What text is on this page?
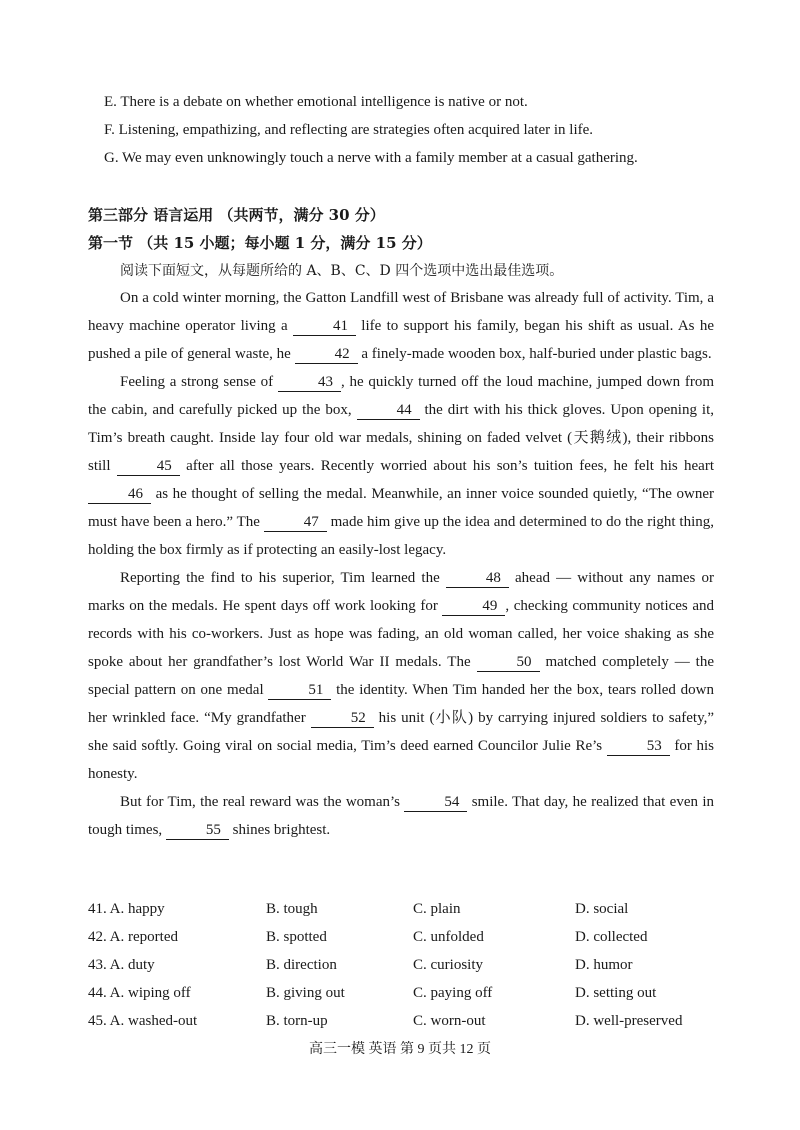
E. There is a debate on whether emotional intelligence is native or not.
F. Listening, empathizing, and reflecting are strategies often acquired later in life.
G. We may even unknowingly touch a nerve with a family member at a casual gathering.
第三部分 语言运用 （共两节，满分 30 分）
第一节 （共 15 小题；每小题 1 分，满分 15 分）
阅读下面短文，从每题所给的 A、B、C、D 四个选项中选出最佳选项。

On a cold winter morning, the Gatton Landfill west of Brisbane was already full of activity. Tim, a heavy machine operator living a	41 life to support his family, began his shift as usual. As he pushed a pile of general waste, he	42 a finely-made wooden box, half-buried under plastic bags.

Feeling a strong sense of	43 , he quickly turned off the loud machine, jumped down from the cabin, and carefully picked up the box,	44 the dirt with his thick gloves. Upon opening it, Tim’s breath caught. Inside lay four old war medals, shining on faded velvet (天鹅绒), their ribbons still	45 after all those years. Recently worried about his son’s tuition fees, he felt his heart 46 as he thought of selling the medal. Meanwhile, an inner voice sounded quietly, “The owner must have been a hero.” The	47 made him give up the idea and determined to do the right thing, holding the box firmly as if protecting an easily-lost legacy.

Reporting the find to his superior, Tim learned the	48 ahead — without any names or marks on the medals. He spent days off work looking for	49 , checking community notices and records with his co-workers. Just as hope was fading, an old woman called, her voice shaking as she spoke about her grandfather’s lost World War II medals. The	50 matched completely — the special pattern on one medal	51 the identity. When Tim handed her the box, tears rolled down her wrinkled face. “My grandfather	52 his unit (小队) by carrying injured soldiers to safety,” she said softly. Going viral on social media, Tim’s deed earned Councilor Julie Re’s	53 for his honesty.

But for Tim, the real reward was the woman’s	54 smile. That day, he realized that even in tough times,	55 shines brightest.

41. A. happy	B. tough	C. plain	D. social
42. A. reported	B. spotted	C. unfolded	D. collected
43. A. duty	B. direction	C. curiosity	D. humor
44. A. wiping off	B. giving out	C. paying off	D. setting out
45. A. washed-out	B. torn-up	C. worn-out	D. well-preserved
高三一模 英语 第 9 页共 12 页
